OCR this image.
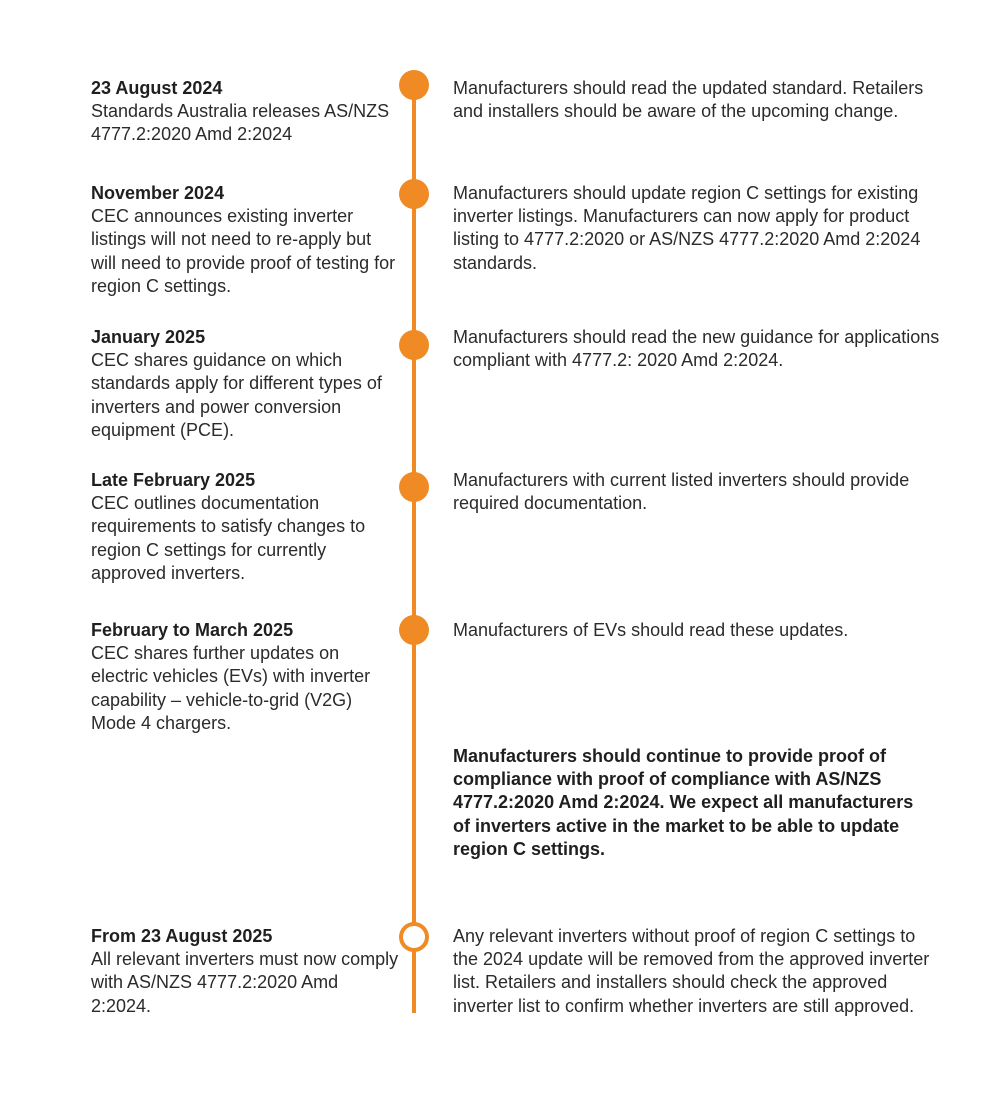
23 August 2024
Standards Australia releases AS/NZS 4777.2:2020 Amd 2:2024
Manufacturers should read the updated standard. Retailers and installers should be aware of the upcoming change.
November 2024
CEC announces existing inverter listings will not need to re-apply but will need to provide proof of testing for region C settings.
Manufacturers should update region C settings for existing inverter listings. Manufacturers can now apply for product listing to 4777.2:2020 or AS/NZS 4777.2:2020 Amd 2:2024 standards.
January 2025
CEC shares guidance on which standards apply for different types of inverters and power conversion equipment (PCE).
Manufacturers should read the new guidance for applications compliant with 4777.2: 2020 Amd 2:2024.
Late February 2025
CEC outlines documentation requirements to satisfy changes to region C settings for currently approved inverters.
Manufacturers with current listed inverters should provide required documentation.
February to March 2025
CEC shares further updates on electric vehicles (EVs) with inverter capability – vehicle-to-grid (V2G) Mode 4 chargers.
Manufacturers of EVs should read these updates.
Manufacturers should continue to provide proof of compliance with proof of compliance with AS/NZS 4777.2:2020 Amd 2:2024. We expect all manufacturers of inverters active in the market to be able to update region C settings.
From 23 August 2025
All relevant inverters must now comply with AS/NZS 4777.2:2020 Amd 2:2024.
Any relevant inverters without proof of region C settings to the 2024 update will be removed from the approved inverter list. Retailers and installers should check the approved inverter list to confirm whether inverters are still approved.
